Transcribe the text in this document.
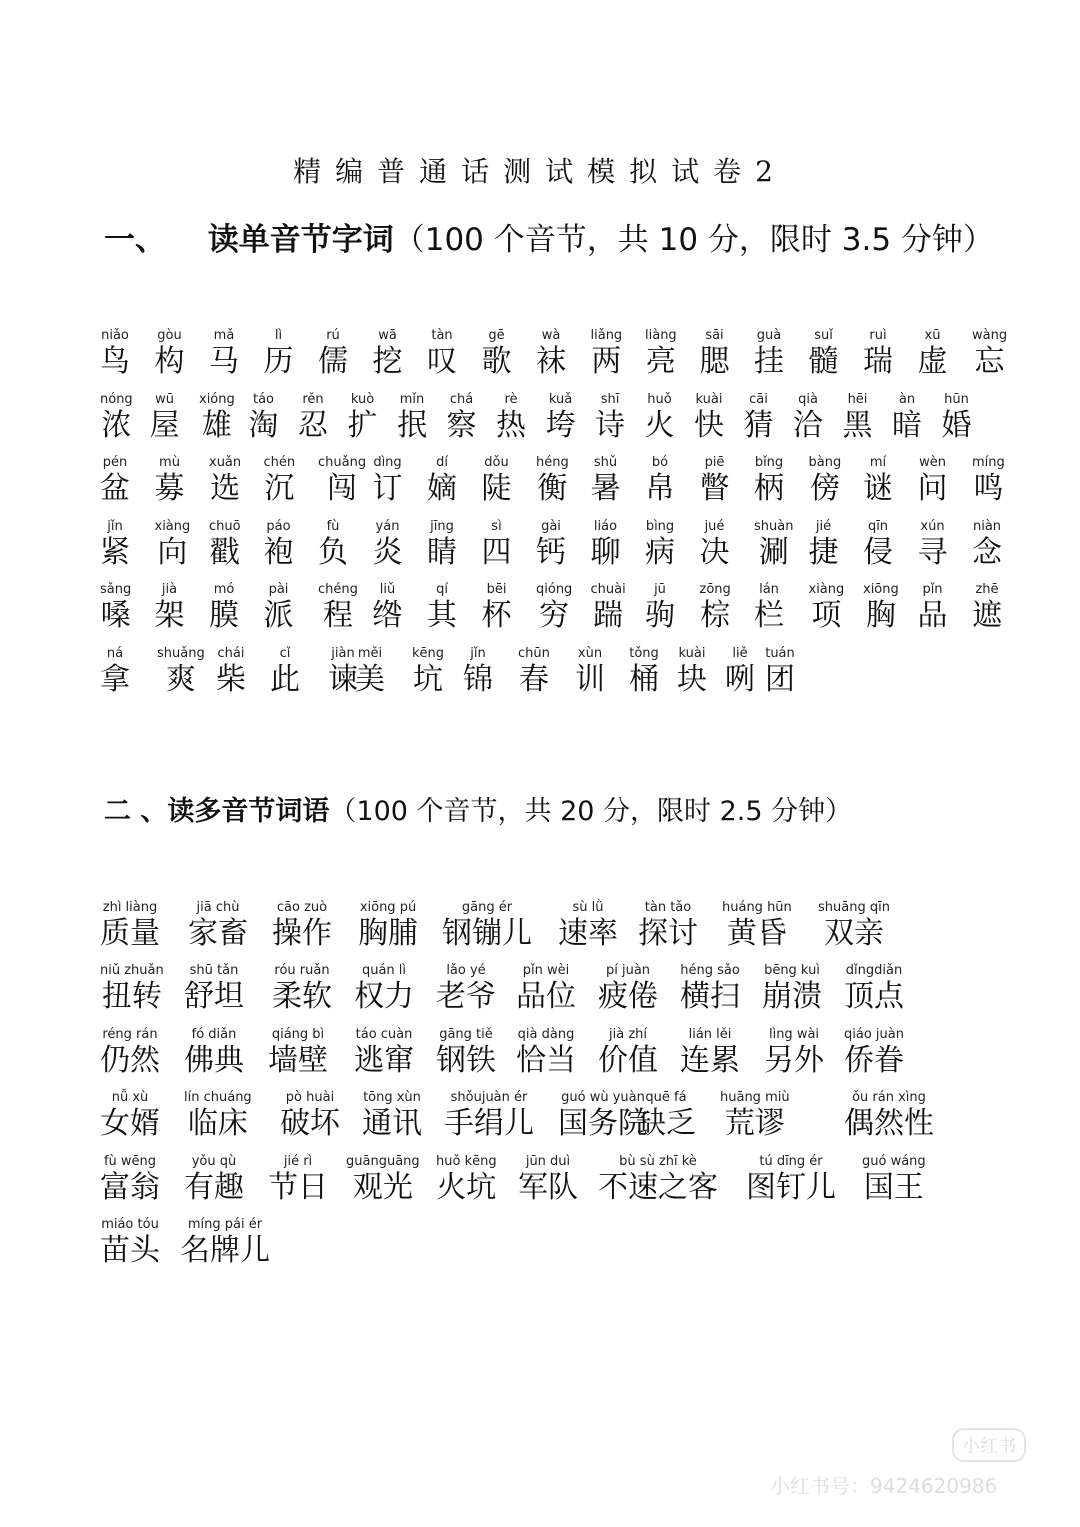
精编普通话测试模拟试卷2
一、 读单音节字词（100 个音节，共 10 分，限时 3.5 分钟）
二 、读多音节词语（100 个音节，共 20 分，限时 2.5 分钟）
niǎo
鸟
gòu
构
mǎ
马
lì
历
rú
儒
wā
挖
tàn
叹
gē
歌
wà
袜
liǎng
两
liàng
亮
sāi
腮
guà
挂
suǐ
髓
ruì
瑞
xū
虚
wàng
忘
nóng
浓
wū
屋
xióng
雄
táo
淘
rěn
忍
kuò
扩
mǐn
抿
chá
察
rè
热
kuǎ
垮
shī
诗
huǒ
火
kuài
快
cāi
猜
qià
洽
hēi
黑
àn
暗
hūn
婚
pén
盆
mù
募
xuǎn
选
chén
沉
chuǎng
闯
dìng
订
dí
嫡
dǒu
陡
héng
衡
shǔ
暑
bó
帛
piē
瞥
bǐng
柄
bàng
傍
mí
谜
wèn
问
míng
鸣
jǐn
紧
xiàng
向
chuō
戳
páo
袍
fù
负
yán
炎
jīng
睛
sì
四
gài
钙
liáo
聊
bìng
病
jué
决
shuàn
涮
jié
捷
qīn
侵
xún
寻
niàn
念
sǎng
嗓
jià
架
mó
膜
pài
派
chéng
程
liǔ
绺
qí
其
bēi
杯
qióng
穷
chuài
踹
jū
驹
zōng
棕
lán
栏
xiàng
项
xiōng
胸
pǐn
品
zhē
遮
ná
拿
shuǎng
爽
chái
柴
cǐ
此
jiàn
谏
měi
美
kēng
坑
jǐn
锦
chūn
春
xùn
训
tǒng
桶
kuài
块
liě
咧
tuán
团
zhì liàng
质量
jiā chù
家畜
cāo zuò
操作
xiōng pú
胸脯
gāng ér
钢镚儿
sù lǜ
速率
tàn tǎo
探讨
huáng hūn
黄昏
shuāng qīn
双亲
niǔ zhuǎn
扭转
shū tǎn
舒坦
róu ruǎn
柔软
quán lì
权力
lǎo yé
老爷
pǐn wèi
品位
pí juàn
疲倦
héng sǎo
横扫
bēng kuì
崩溃
dǐngdiǎn
顶点
réng rán
仍然
fó diǎn
佛典
qiáng bì
墙壁
táo cuàn
逃窜
gāng tiě
钢铁
qià dàng
恰当
jià zhí
价值
lián lěi
连累
lìng wài
另外
qiáo juàn
侨眷
nǚ xù
女婿
lín chuáng
临床
pò huài
破坏
tōng xùn
通讯
shǒujuàn ér
手绢儿
guó wù yuàn
国务院
quē fá
缺乏
huāng miù
荒谬
ǒu rán xìng
偶然性
fù wēng
富翁
yǒu qù
有趣
jié rì
节日
guānguāng
观光
huǒ kēng
火坑
jūn duì
军队
bù sù zhī kè
不速之客
tú dīng ér
图钉儿
guó wáng
国王
miáo tóu
苗头
míng pái ér
名牌儿
小红书
小红书号：9424620986
